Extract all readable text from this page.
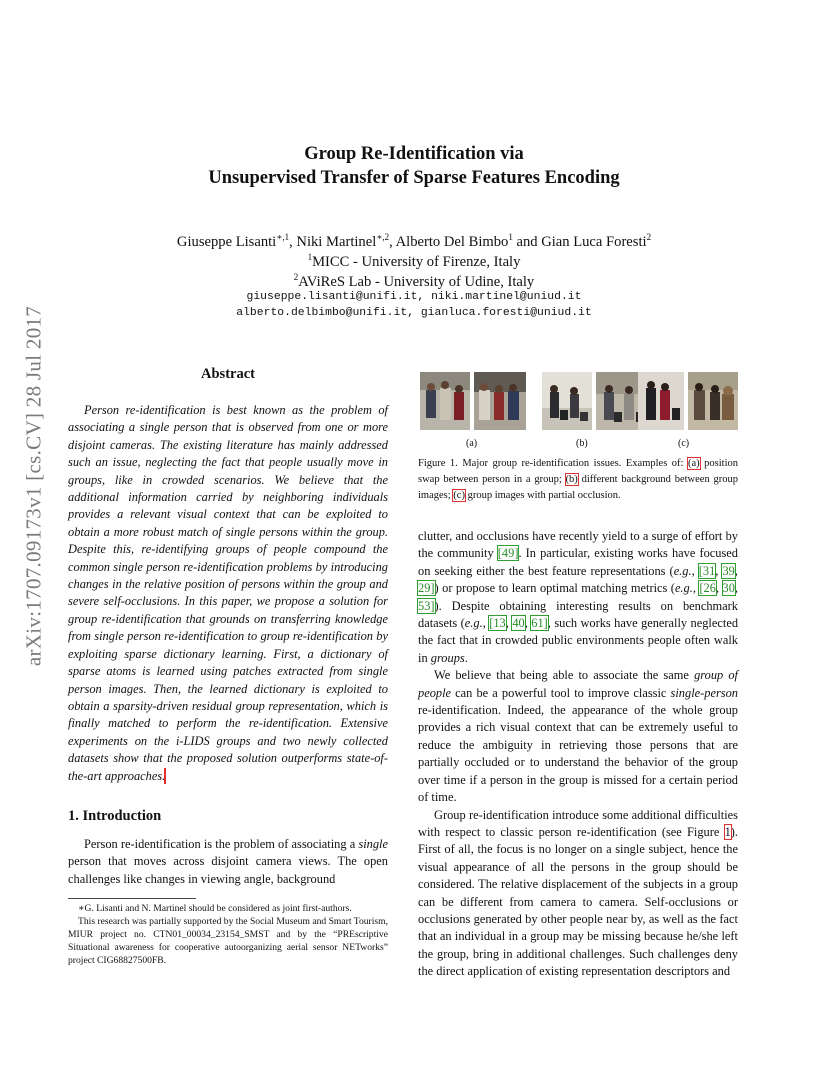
arXiv:1707.09173v1 [cs.CV] 28 Jul 2017
Group Re-Identification via
Unsupervised Transfer of Sparse Features Encoding
Giuseppe Lisanti$^{∗,1}$, Niki Martinel$^{∗,2}$, Alberto Del Bimbo$^1$ and Gian Luca Foresti$^2$
$^1$MICC - University of Firenze, Italy
$^2$AViReS Lab - University of Udine, Italy
giuseppe.lisanti@unifi.it, niki.martinel@uniud.it
alberto.delbimbo@unifi.it, gianluca.foresti@uniud.it
Abstract

Person re-identification is best known as the problem of associating a single person that is observed from one or more disjoint cameras. The existing literature has mainly addressed such an issue, neglecting the fact that people usually move in groups, like in crowded scenarios. We believe that the additional information carried by neighboring individuals provides a relevant visual context that can be exploited to obtain a more robust match of single persons within the group. Despite this, re-identifying groups of people compound the common single person re-identification problems by introducing changes in the relative position of persons within the group and severe self-occlusions. In this paper, we propose a solution for group re-identification that grounds on transferring knowledge from single person re-identification to group re-identification by exploiting sparse dictionary learning. First, a dictionary of sparse atoms is learned using patches extracted from single person images. Then, the learned dictionary is exploited to obtain a sparsity-driven residual group representation, which is finally matched to perform the re-identification. Extensive experiments on the i-LIDS groups and two newly collected datasets show that the proposed solution outperforms state-of-the-art approaches.

1. Introduction

Person re-identification is the problem of associating a single person that moves across disjoint camera views. The open challenges like changes in viewing angle, background

∗G. Lisanti and N. Martinel should be considered as joint first-authors.

This research was partially supported by the Social Museum and Smart Tourism, MIUR project no. CTN01_00034_23154_SMST and by the “PREscriptive Situational awareness for cooperative autoorganizing aerial sensor NETworks” project CIG68827500FB.

(a)	(b)	(c)

Figure 1. Major group re-identification issues. Examples of: (a) position swap between person in a group; (b) different background between group images; (c) group images with partial occlusion.

clutter, and occlusions have recently yield to a surge of effort by the community [49]. In particular, existing works have focused on seeking either the best feature representations (e.g., [31, 39, 29]) or propose to learn optimal matching metrics (e.g., [26, 30, 53]). Despite obtaining interesting results on benchmark datasets (e.g., [13, 40, 61], such works have generally neglected the fact that in crowded public environments people often walk in groups.

We believe that being able to associate the same group of people can be a powerful tool to improve classic single-person re-identification. Indeed, the appearance of the whole group provides a rich visual context that can be extremely useful to reduce the ambiguity in retrieving those persons that are partially occluded or to understand the behavior of the group over time if a person in the group is missed for a certain period of time.

Group re-identification introduce some additional difficulties with respect to classic person re-identification (see Figure 1). First of all, the focus is no longer on a single subject, hence the visual appearance of all the persons in the group should be considered. The relative displacement of the subjects in a group can be different from camera to camera. Self-occlusions or occlusions generated by other people near by, as well as the fact that an individual in a group may be missing because he/she left the group, bring in additional challenges. Such challenges deny the direct application of existing representation descriptors and
